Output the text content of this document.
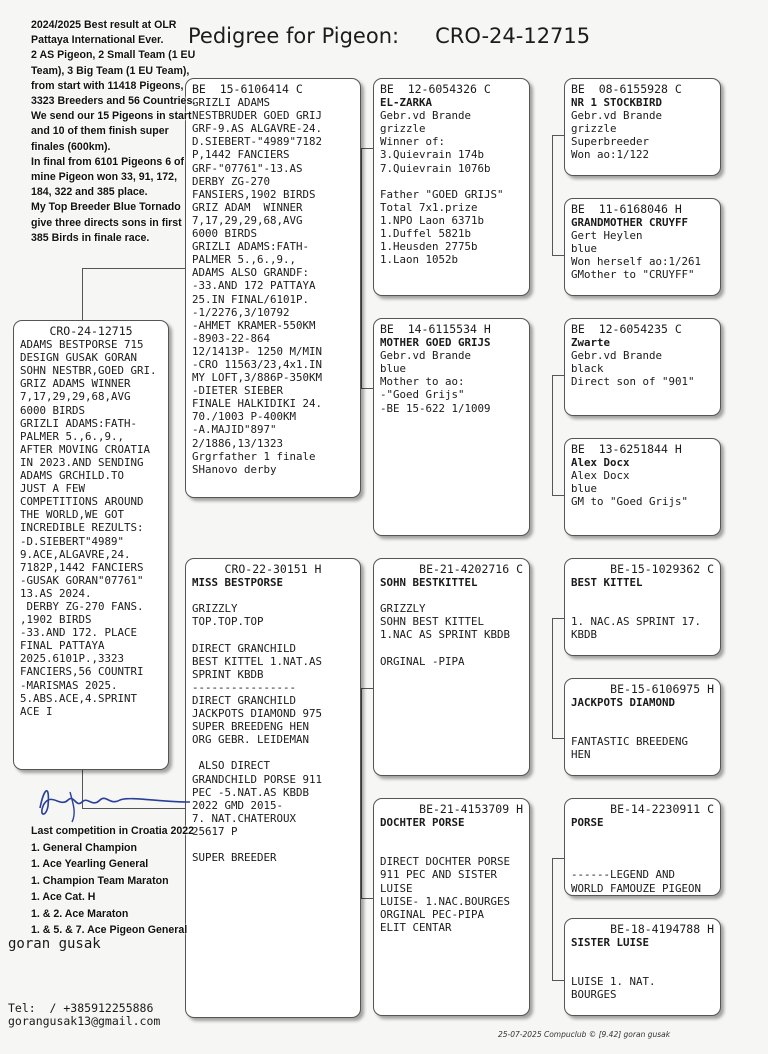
Pedigree for Pigeon: CRO-24-12715
CRO-24-12715
ADAMS BESTPORSE 715
DESIGN GUSAK GORAN
SOHN NESTBR,GOED GRI.
GRIZ ADAMS WINNER
7,17,29,29,68,AVG
6000 BIRDS
GRIZLI ADAMS:FATH-
PALMER 5.,6.,9.,
AFTER MOVING CROATIA
IN 2023.AND SENDING
ADAMS GRCHILD.TO
JUST A FEW
COMPETITIONS AROUND
THE WORLD,WE GOT
INCREDIBLE REZULTS:
-D.SIEBERT"4989"
9.ACE,ALGAVRE,24.
7182P,1442 FANCIERS
-GUSAK GORAN"07761"
13.AS 2024.
DERBY ZG-270 FANS.
,1902 BIRDS
-33.AND 172. PLACE
FINAL PATTAYA
2025.6101P.,3323
FANCIERS,56 COUNTRI
-MARISMAS 2025.
5.ABS.ACE,4.SPRINT
ACE I
BE  15-6106414 C
GRIZLI ADAMS
NESTBRUDER GOED GRIJ
GRF-9.AS ALGAVRE-24.
D.SIEBERT-"4989"7182
P,1442 FANCIERS
GRF-"07761"-13.AS
DERBY ZG-270
FANSIERS,1902 BIRDS
GRIZ ADAM  WINNER
7,17,29,29,68,AVG
6000 BIRDS
GRIZLI ADAMS:FATH-
PALMER 5.,6.,9.,
ADAMS ALSO GRANDF:
-33.AND 172 PATTAYA
25.IN FINAL/6101P.
-1/2276,3/10792
-AHMET KRAMER-550KM
-8903-22-864
12/1413P- 1250 M/MIN
-CRO 11563/23,4x1.IN
MY LOFT,3/886P-350KM
-DIETER SIEBER
FINALE HALKIDIKI 24.
70./1003 P-400KM
-A.MAJID"897"
2/1886,13/1323
Grgrfather 1 finale
SHanovo derby
CRO-22-30151 H
MISS BESTPORSE

GRIZZLY
TOP.TOP.TOP

DIRECT GRANCHILD
BEST KITTEL 1.NAT.AS
SPRINT KBDB
----------------
DIRECT GRANCHILD
JACKPOTS DIAMOND 975
SUPER BREEDENG HEN
ORG GEBR. LEIDEMAN

ALSO DIRECT
GRANDCHILD PORSE 911
PEC -5.NAT.AS KBDB
2022 GMD 2015-
7. NAT.CHATEROUX
25617 P

SUPER BREEDER
BE  12-6054326 C
EL-ZARKA
Gebr.vd Brande
grizzle
Winner of:
3.Quievrain 174b
7.Quievrain 1076b

Father "GOED GRIJS"
Total 7x1.prize
1.NPO Laon 6371b
1.Duffel 5821b
1.Heusden 2775b
1.Laon 1052b
BE  14-6115534 H
MOTHER GOED GRIJS
Gebr.vd Brande
blue
Mother to ao:
-"Goed Grijs"
-BE 15-622 1/1009
BE-21-4202716 C
SOHN BESTKITTEL

GRIZZLY
SOHN BEST KITTEL
1.NAC AS SPRINT KBDB

ORGINAL -PIPA
BE-21-4153709 H
DOCHTER PORSE

DIRECT DOCHTER PORSE
911 PEC AND SISTER
LUISE
LUISE- 1.NAC.BOURGES
ORGINAL PEC-PIPA
ELIT CENTAR
BE  08-6155928 C
NR 1 STOCKBIRD
Gebr.vd Brande
grizzle
Superbreeder
Won ao:1/122
BE  11-6168046 H
GRANDMOTHER CRUYFF
Gert Heylen
blue
Won herself ao:1/261
GMother to "CRUYFF"
BE  12-6054235 C
Zwarte
Gebr.vd Brande
black
Direct son of "901"
BE  13-6251844 H
Alex Docx
Alex Docx
blue
GM to "Goed Grijs"
BE-15-1029362 C
BEST KITTEL

1. NAC.AS SPRINT 17.
KBDB
BE-15-6106975 H
JACKPOTS DIAMOND

FANTASTIC BREEDENG
HEN
BE-14-2230911 C
PORSE

------LEGEND AND
WORLD FAMOUZE PIGEON
BE-18-4194788 H
SISTER LUISE

LUISE 1. NAT.
BOURGES
2024/2025 Best result at OLR
Pattaya International Ever.
2 AS Pigeon, 2 Small Team (1 EU
Team), 3 Big Team (1 EU Team),
from start with 11418 Pigeons,
3323 Breeders and 56 Countries.
We send our 15 Pigeons in start
and 10 of them finish super
finales (600km).
In final from 6101 Pigeons 6 of
mine Pigeon won 33, 91, 172,
184, 322 and 385 place.
My Top Breeder Blue Tornado
give three directs sons in first
385 Birds in finale race.
Last competition in Croatia 2022
1. General Champion
1. Ace Yearling General
1. Champion Team Maraton
1. Ace Cat. H
1. & 2. Ace Maraton
1. & 5. & 7. Ace Pigeon General
goran gusak
Tel:  / +385912255886
gorangusak13@gmail.com
25-07-2025 Compuclub © [9.42] goran gusak
